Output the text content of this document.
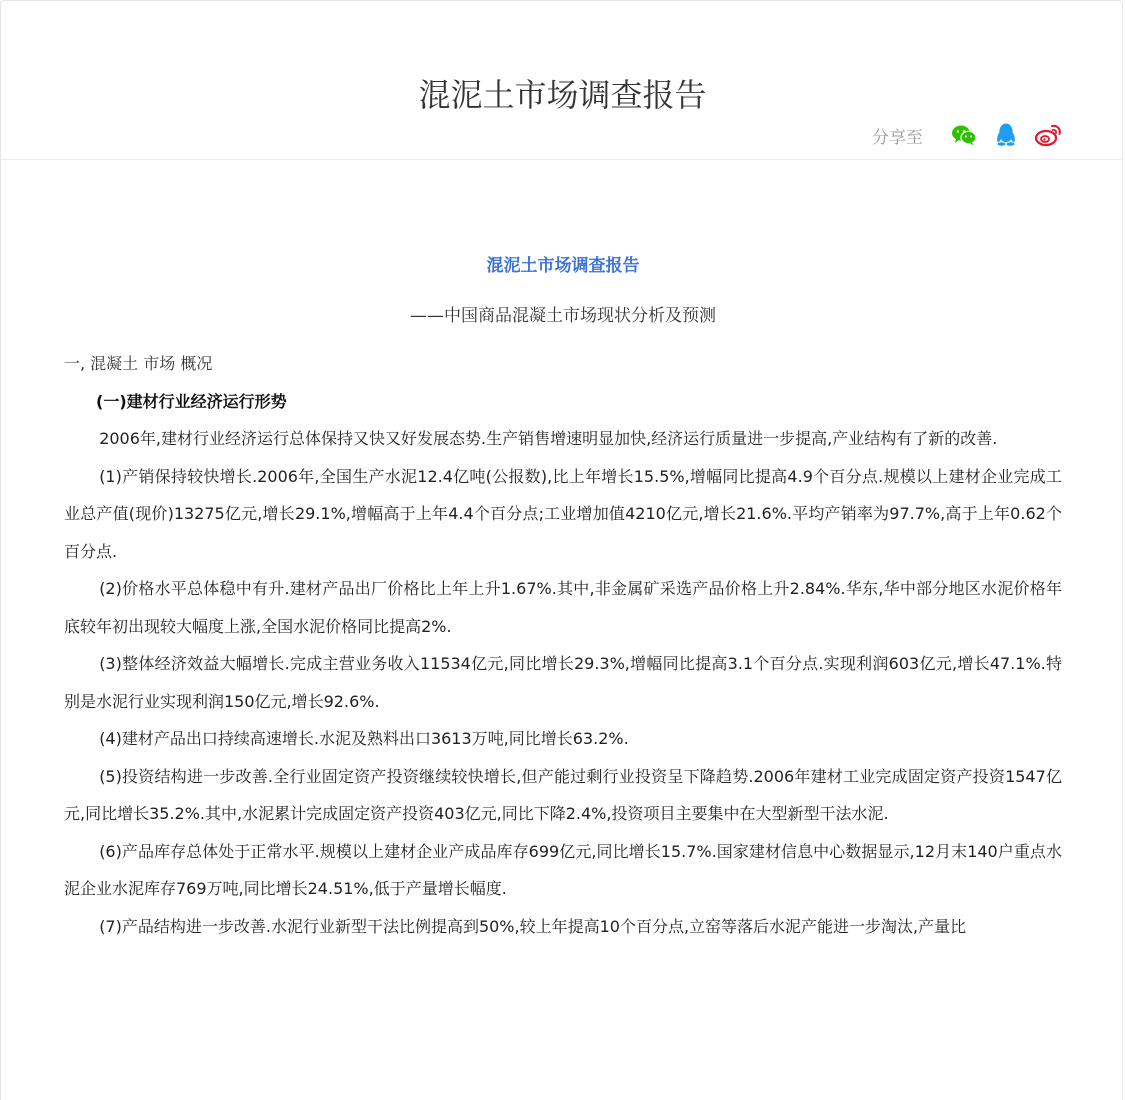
混泥土市场调查报告
分享至
混泥土市场调查报告
——中国商品混凝土市场现状分析及预测
一, 混凝土 市场 概况
(一)建材行业经济运行形势

2006年,建材行业经济运行总体保持又快又好发展态势.生产销售增速明显加快,经济运行质量进一步提高,产业结构有了新的改善.

(1)产销保持较快增长.2006年,全国生产水泥12.4亿吨(公报数),比上年增长15.5%,增幅同比提高4.9个百分点.规模以上建材企业完成工业总产值(现价)13275亿元,增长29.1%,增幅高于上年4.4个百分点;工业增加值4210亿元,增长21.6%.平均产销率为97.7%,高于上年0.62个百分点.

(2)价格水平总体稳中有升.建材产品出厂价格比上年上升1.67%.其中,非金属矿采选产品价格上升2.84%.华东,华中部分地区水泥价格年底较年初出现较大幅度上涨,全国水泥价格同比提高2%.

(3)整体经济效益大幅增长.完成主营业务收入11534亿元,同比增长29.3%,增幅同比提高3.1个百分点.实现利润603亿元,增长47.1%.特别是水泥行业实现利润150亿元,增长92.6%.

(4)建材产品出口持续高速增长.水泥及熟料出口3613万吨,同比增长63.2%.

(5)投资结构进一步改善.全行业固定资产投资继续较快增长,但产能过剩行业投资呈下降趋势.2006年建材工业完成固定资产投资1547亿元,同比增长35.2%.其中,水泥累计完成固定资产投资403亿元,同比下降2.4%,投资项目主要集中在大型新型干法水泥.

(6)产品库存总体处于正常水平.规模以上建材企业产成品库存699亿元,同比增长15.7%.国家建材信息中心数据显示,12月末140户重点水泥企业水泥库存769万吨,同比增长24.51%,低于产量增长幅度.

(7)产品结构进一步改善.水泥行业新型干法比例提高到50%,较上年提高10个百分点,立窑等落后水泥产能进一步淘汰,产量比
